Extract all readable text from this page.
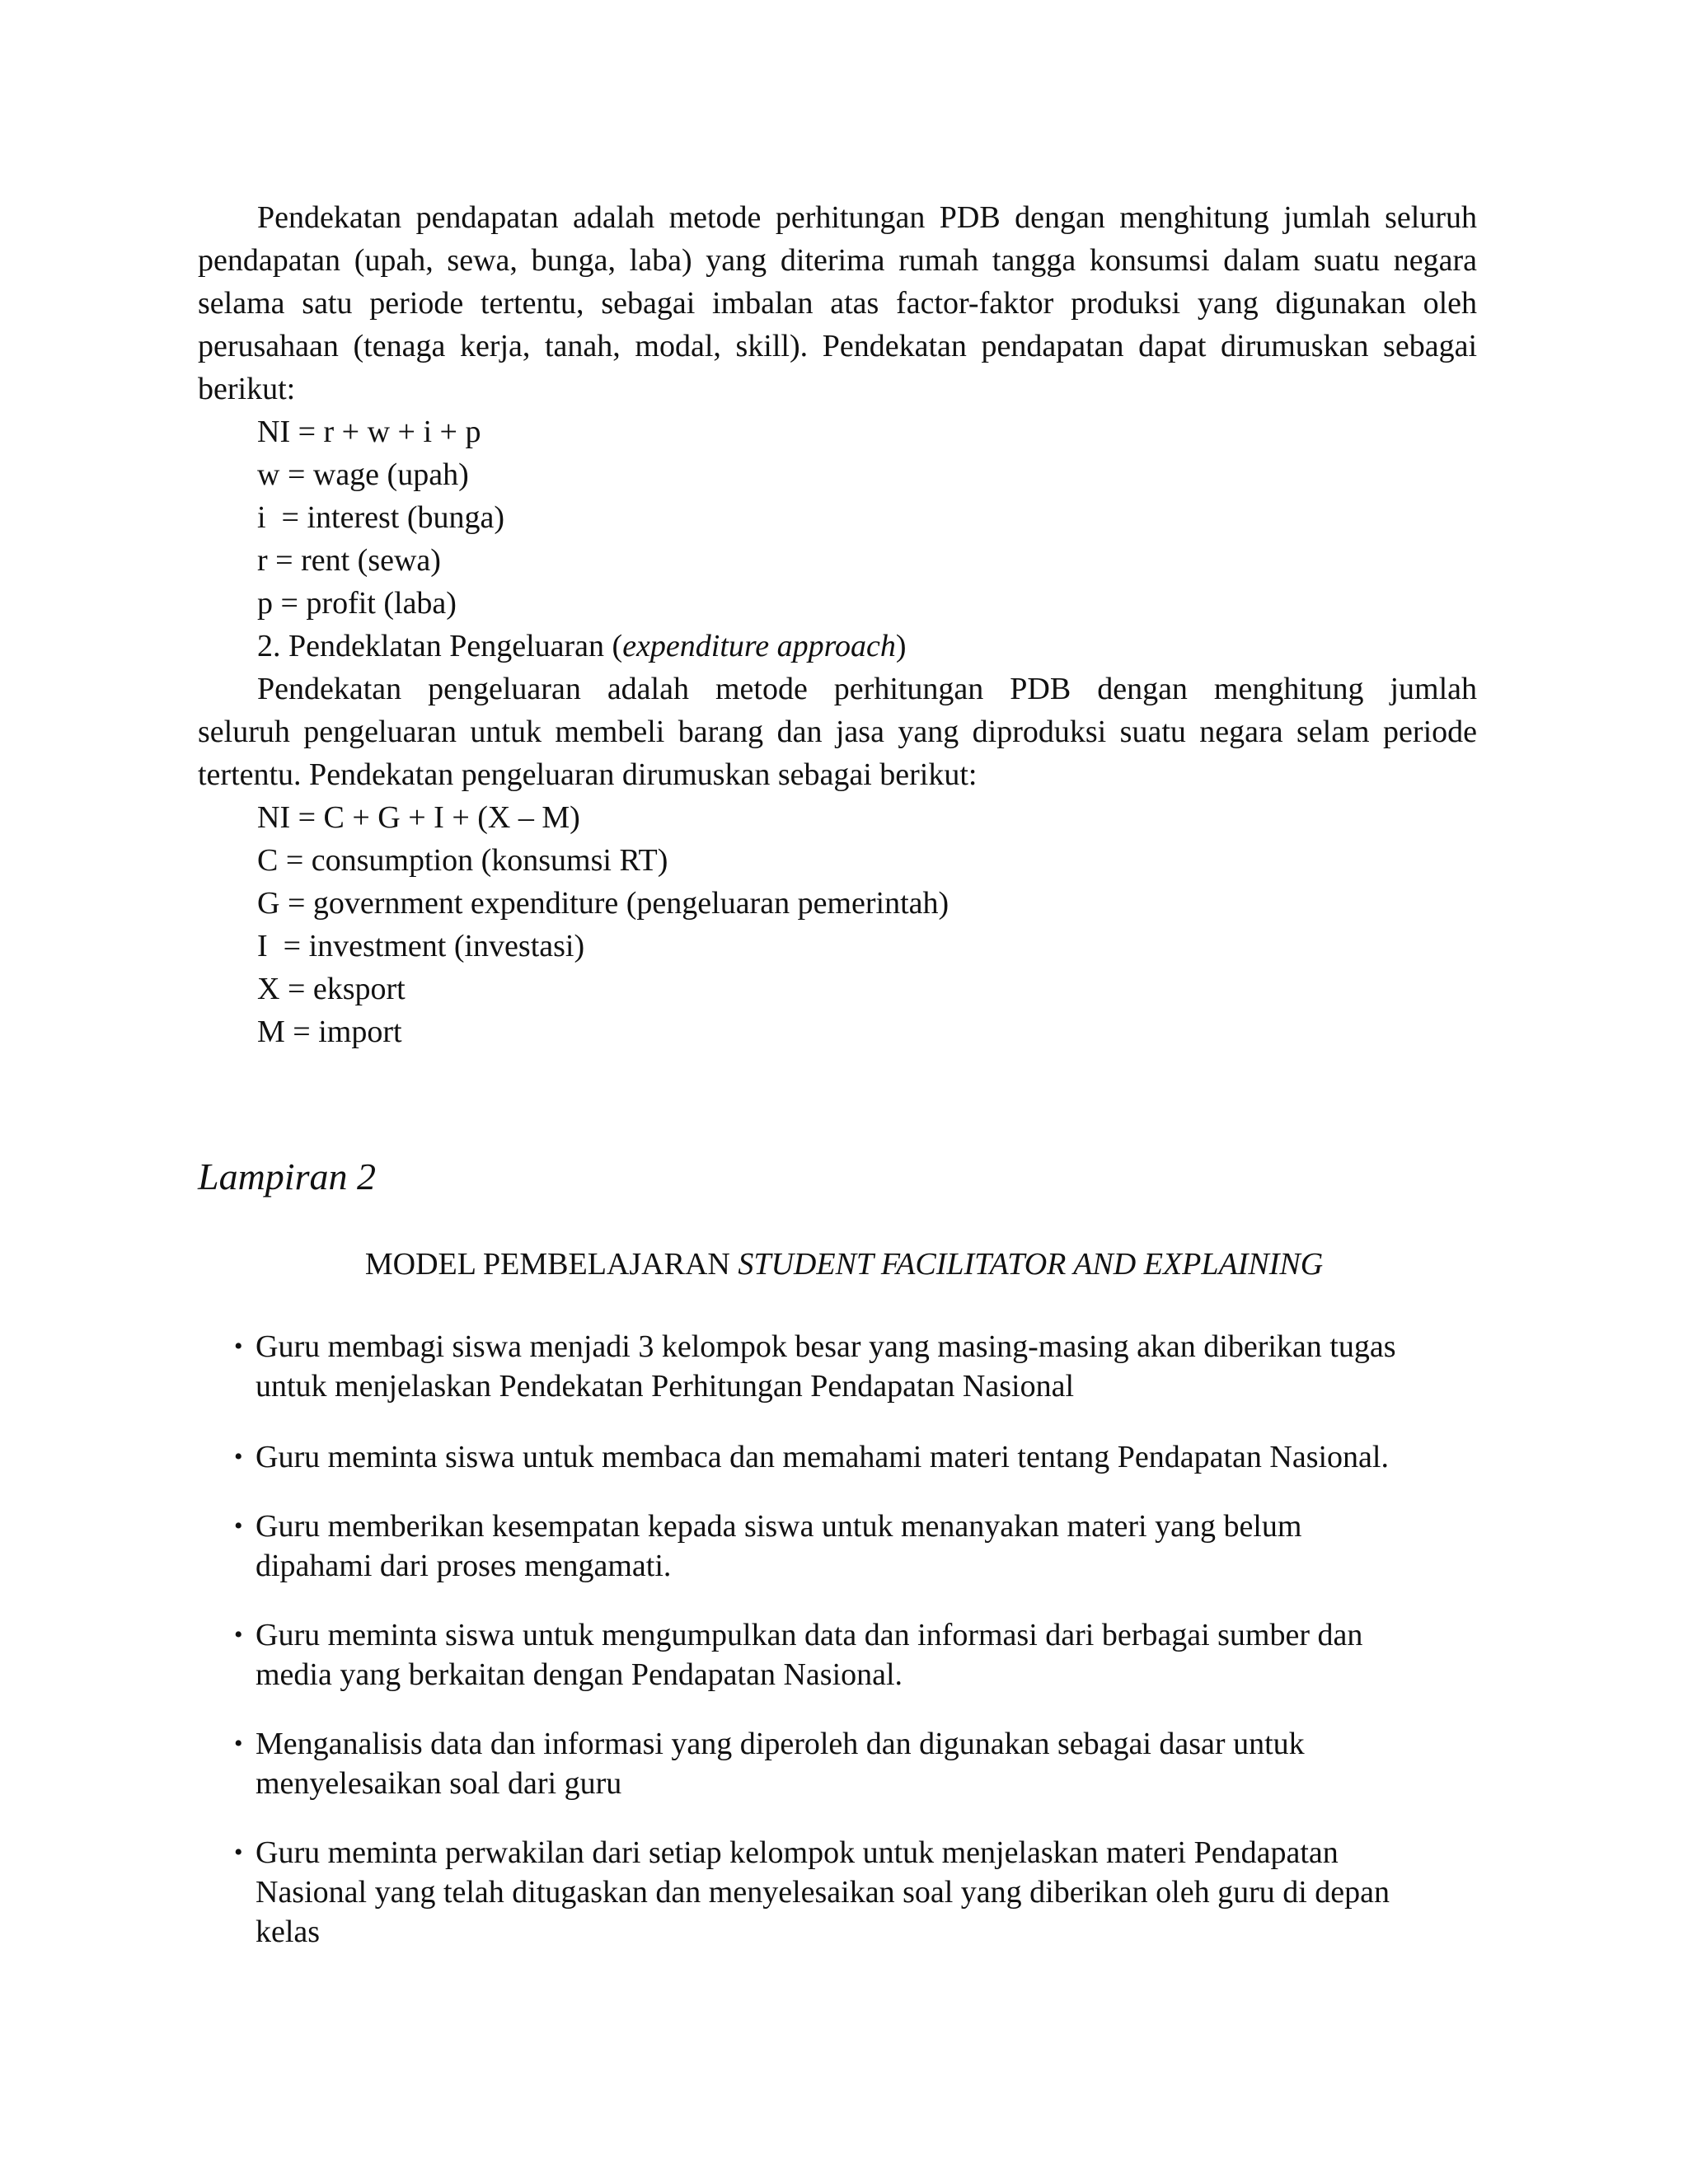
Pendekatan pendapatan adalah metode perhitungan PDB dengan menghitung jumlah seluruh
pendapatan (upah, sewa, bunga, laba) yang diterima rumah tangga konsumsi dalam suatu negara
selama satu periode tertentu, sebagai imbalan atas factor-faktor produksi yang digunakan oleh
perusahaan (tenaga kerja, tanah, modal, skill). Pendekatan pendapatan dapat dirumuskan sebagai
berikut:
NI = r + w + i + p
w = wage (upah)
i  = interest (bunga)
r = rent (sewa)
p = profit (laba)
2. Pendeklatan Pengeluaran (expenditure approach)
Pendekatan pengeluaran adalah metode perhitungan PDB dengan menghitung jumlah
seluruh pengeluaran untuk membeli barang dan jasa yang diproduksi suatu negara selam periode
tertentu. Pendekatan pengeluaran dirumuskan sebagai berikut:
NI = C + G + I + (X – M)
C = consumption (konsumsi RT)
G = government expenditure (pengeluaran pemerintah)
I  = investment (investasi)
X = eksport
M = import
Lampiran 2
MODEL PEMBELAJARAN STUDENT FACILITATOR AND EXPLAINING
• Guru membagi siswa menjadi 3 kelompok besar yang masing-masing akan diberikan tugas
untuk menjelaskan Pendekatan Perhitungan Pendapatan Nasional
• Guru meminta siswa untuk membaca dan memahami materi tentang Pendapatan Nasional.
• Guru memberikan kesempatan kepada siswa untuk menanyakan materi yang belum
dipahami dari proses mengamati.
• Guru meminta siswa untuk mengumpulkan data dan informasi dari berbagai sumber dan
media yang berkaitan dengan Pendapatan Nasional.
• Menganalisis data dan informasi yang diperoleh dan digunakan sebagai dasar untuk
menyelesaikan soal dari guru
• Guru meminta perwakilan dari setiap kelompok untuk menjelaskan materi Pendapatan
Nasional yang telah ditugaskan dan menyelesaikan soal yang diberikan oleh guru di depan
kelas
